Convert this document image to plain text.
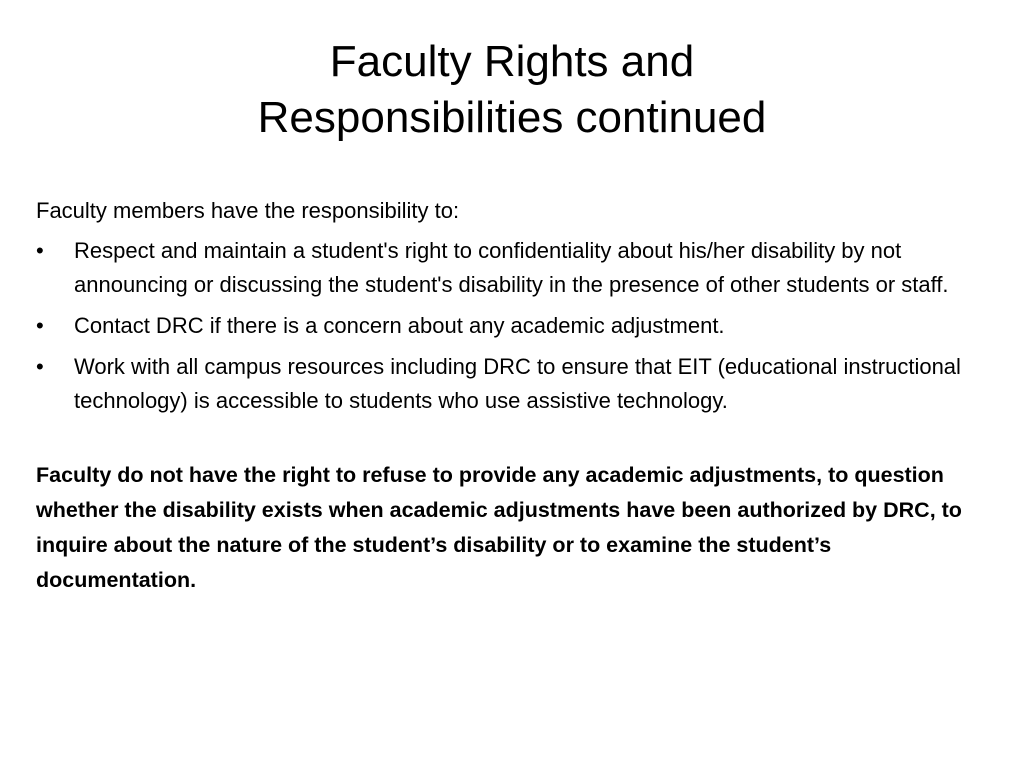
Faculty Rights and
Responsibilities continued

Faculty members have the responsibility to:

•	Respect and maintain a student's right to confidentiality about his/her disability by not announcing or discussing the student's disability in the presence of other students or staff.
•	Contact DRC if there is a concern about any academic adjustment.
•	Work with all campus resources including DRC to ensure that EIT (educational instructional technology) is accessible to students who use assistive technology.

Faculty do not have the right to refuse to provide any academic adjustments, to question whether the disability exists when academic adjustments have been authorized by DRC, to inquire about the nature of the student’s disability or to examine the student’s documentation.
